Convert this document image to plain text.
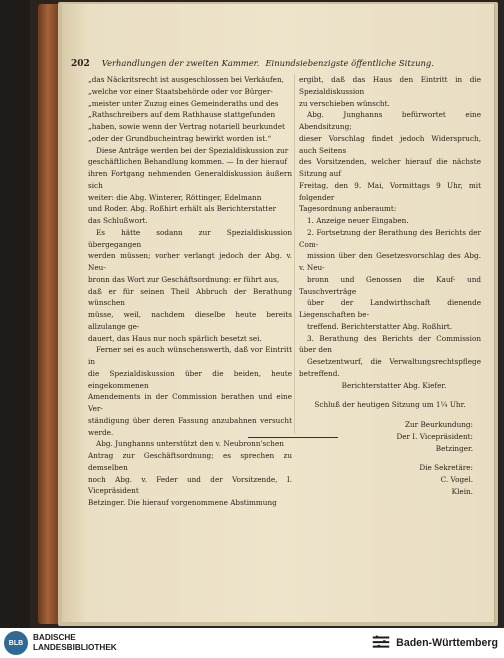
202 Verhandlungen der zweiten Kammer. Einundsiebenzigste öffentliche Sitzung.

„das Näckritsrecht ist ausgeschlossen bei Verkäufen,

„welche vor einer Staatsbehörde oder vor Bürger-

„meister unter Zuzug eines Gemeinderaths und des

„Rathschreibers auf dem Rathhause stattgefunden

„haben, sowie wenn der Vertrag notariell beurkundet

„oder der Grundbucheintrag bewirkt worden ist.“

Diese Anträge werden bei der Spezialdiskussion zur

geschäftlichen Behandlung kommen. — In der hierauf

ihren Fortgang nehmenden Generaldiskussion äußern sich

weiter: die Abg. Winterer, Röttinger, Edelmann

und Roder. Abg. Roßhirt erhält als Berichterstatter

das Schlußwort.

Es hätte sodann zur Spezialdiskussion übergegangen

werden müssen; vorher verlangt jedoch der Abg. v. Neu-

bronn das Wort zur Geschäftsordnung: er führt aus,

daß er für seinen Theil Abbruch der Berathung wünschen

müsse, weil, nachdem dieselbe heute bereits allzulange ge-

dauert, das Haus nur noch spärlich besetzt sei.

Ferner sei es auch wünschenswerth, daß vor Eintritt in

die Spezialdiskussion über die beiden, heute eingekommenen

Amendements in der Commission berathen und eine Ver-

ständigung über deren Fassung anzubahnen versucht werde.

Abg. Junghanns unterstützt den v. Neubronn'schen

Antrag zur Geschäftsordnung; es sprechen zu demselben

noch Abg. v. Feder und der Vorsitzende, I. Vicepräsident

Betzinger. Die hierauf vorgenommene Abstimmung

ergibt, daß das Haus den Eintritt in die Spezialdiskussion

zu verschieben wünscht.

Abg. Junghanns befürwortet eine Abendsitzung;

dieser Vorschlag findet jedoch Widerspruch, auch Seitens

des Vorsitzenden, welcher hierauf die nächste Sitzung auf

Freitag, den 9. Mai, Vormittags 9 Uhr, mit folgender

Tagesordnung anberaumt:

1. Anzeige neuer Eingaben.

2. Fortsetzung der Berathung des Berichts der Com-

mission über den Gesetzesvorschlag des Abg. v. Neu-

bronn und Genossen die Kauf- und Tauschverträge

über der Landwirthschaft dienende Liegenschaften be-

treffend. Berichterstatter Abg. Roßhirt.

3. Berathung des Berichts der Commission über den

Gesetzentwurf, die Verwaltungsrechtspflege betreffend.

Berichterstatter Abg. Kiefer.

Schluß der heutigen Sitzung um 1¼ Uhr.

Zur Beurkundung:

Der I. Vicepräsident:

Betzinger.

Die Sekretäre:

C. Vogel.

Klein.

BLB
BADISCHE
LANDESBIBLIOTHEK	Baden-Württemberg
